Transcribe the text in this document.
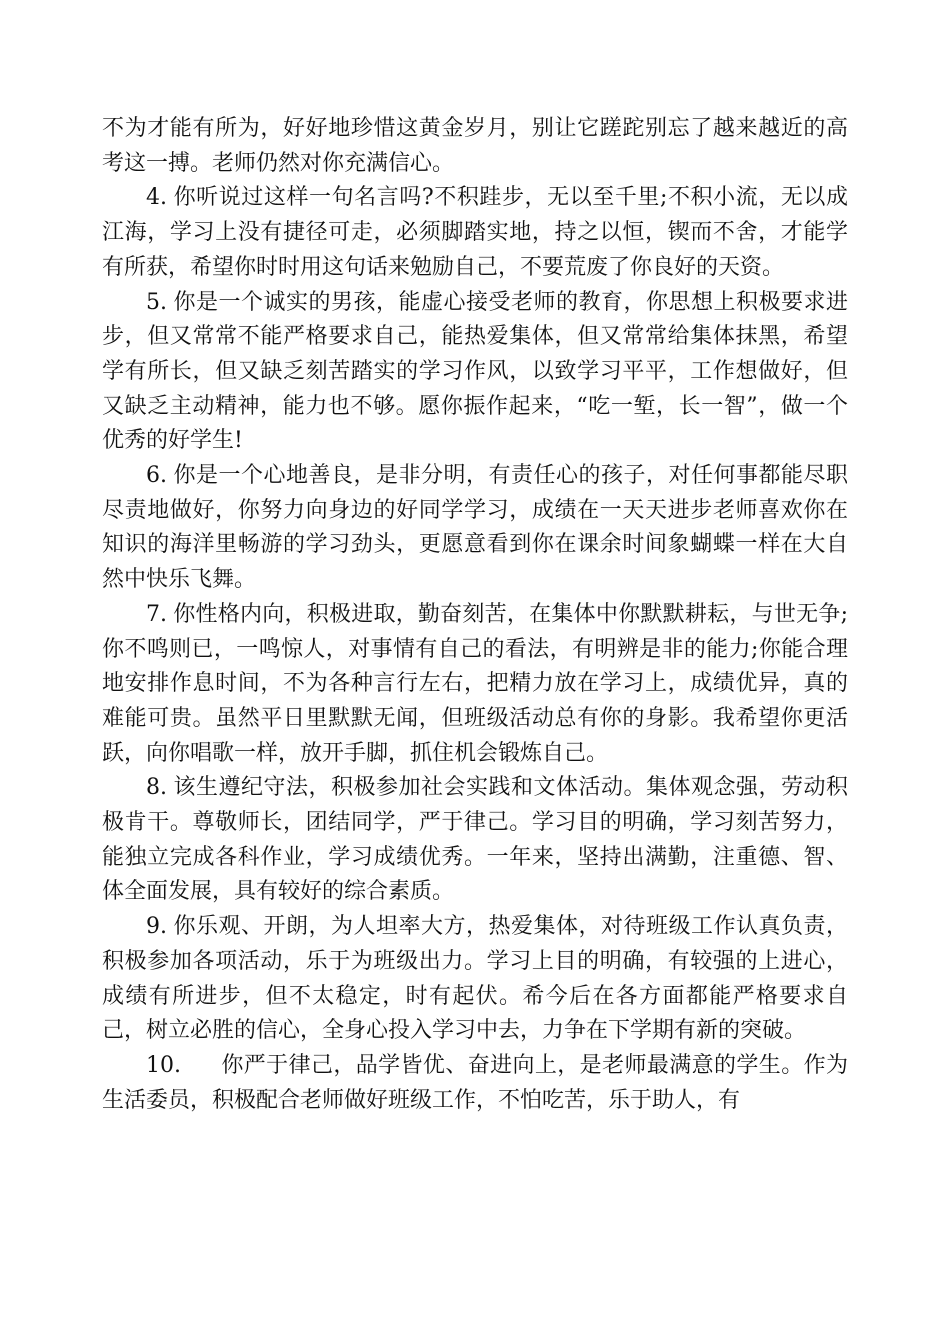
不为才能有所为，好好地珍惜这黄金岁月，别让它蹉跎别忘了越来越近的高考这一搏。老师仍然对你充满信心。

4. 你听说过这样一句名言吗?不积跬步，无以至千里;不积小流，无以成江海，学习上没有捷径可走，必须脚踏实地，持之以恒，锲而不舍，才能学有所获，希望你时时用这句话来勉励自己，不要荒废了你良好的天资。

5. 你是一个诚实的男孩，能虚心接受老师的教育，你思想上积极要求进步，但又常常不能严格要求自己，能热爱集体，但又常常给集体抹黑，希望学有所长，但又缺乏刻苦踏实的学习作风，以致学习平平，工作想做好，但又缺乏主动精神，能力也不够。愿你振作起来，“吃一堑，长一智”，做一个优秀的好学生!

6. 你是一个心地善良，是非分明，有责任心的孩子，对任何事都能尽职尽责地做好，你努力向身边的好同学学习，成绩在一天天进步老师喜欢你在知识的海洋里畅游的学习劲头，更愿意看到你在课余时间象蝴蝶一样在大自然中快乐飞舞。

7. 你性格内向，积极进取，勤奋刻苦，在集体中你默默耕耘，与世无争;你不鸣则已，一鸣惊人，对事情有自己的看法，有明辨是非的能力;你能合理地安排作息时间，不为各种言行左右，把精力放在学习上，成绩优异，真的难能可贵。虽然平日里默默无闻，但班级活动总有你的身影。我希望你更活跃，向你唱歌一样，放开手脚，抓住机会锻炼自己。

8. 该生遵纪守法，积极参加社会实践和文体活动。集体观念强，劳动积极肯干。尊敬师长，团结同学，严于律己。学习目的明确，学习刻苦努力，能独立完成各科作业，学习成绩优秀。一年来，坚持出满勤，注重德、智、体全面发展，具有较好的综合素质。

9. 你乐观、开朗，为人坦率大方，热爱集体，对待班级工作认真负责，积极参加各项活动，乐于为班级出力。学习上目的明确，有较强的上进心，成绩有所进步，但不太稳定，时有起伏。希今后在各方面都能严格要求自己，树立必胜的信心，全身心投入学习中去，力争在下学期有新的突破。

10. 你严于律己，品学皆优、奋进向上，是老师最满意的学生。作为生活委员，积极配合老师做好班级工作，不怕吃苦，乐于助人，有
